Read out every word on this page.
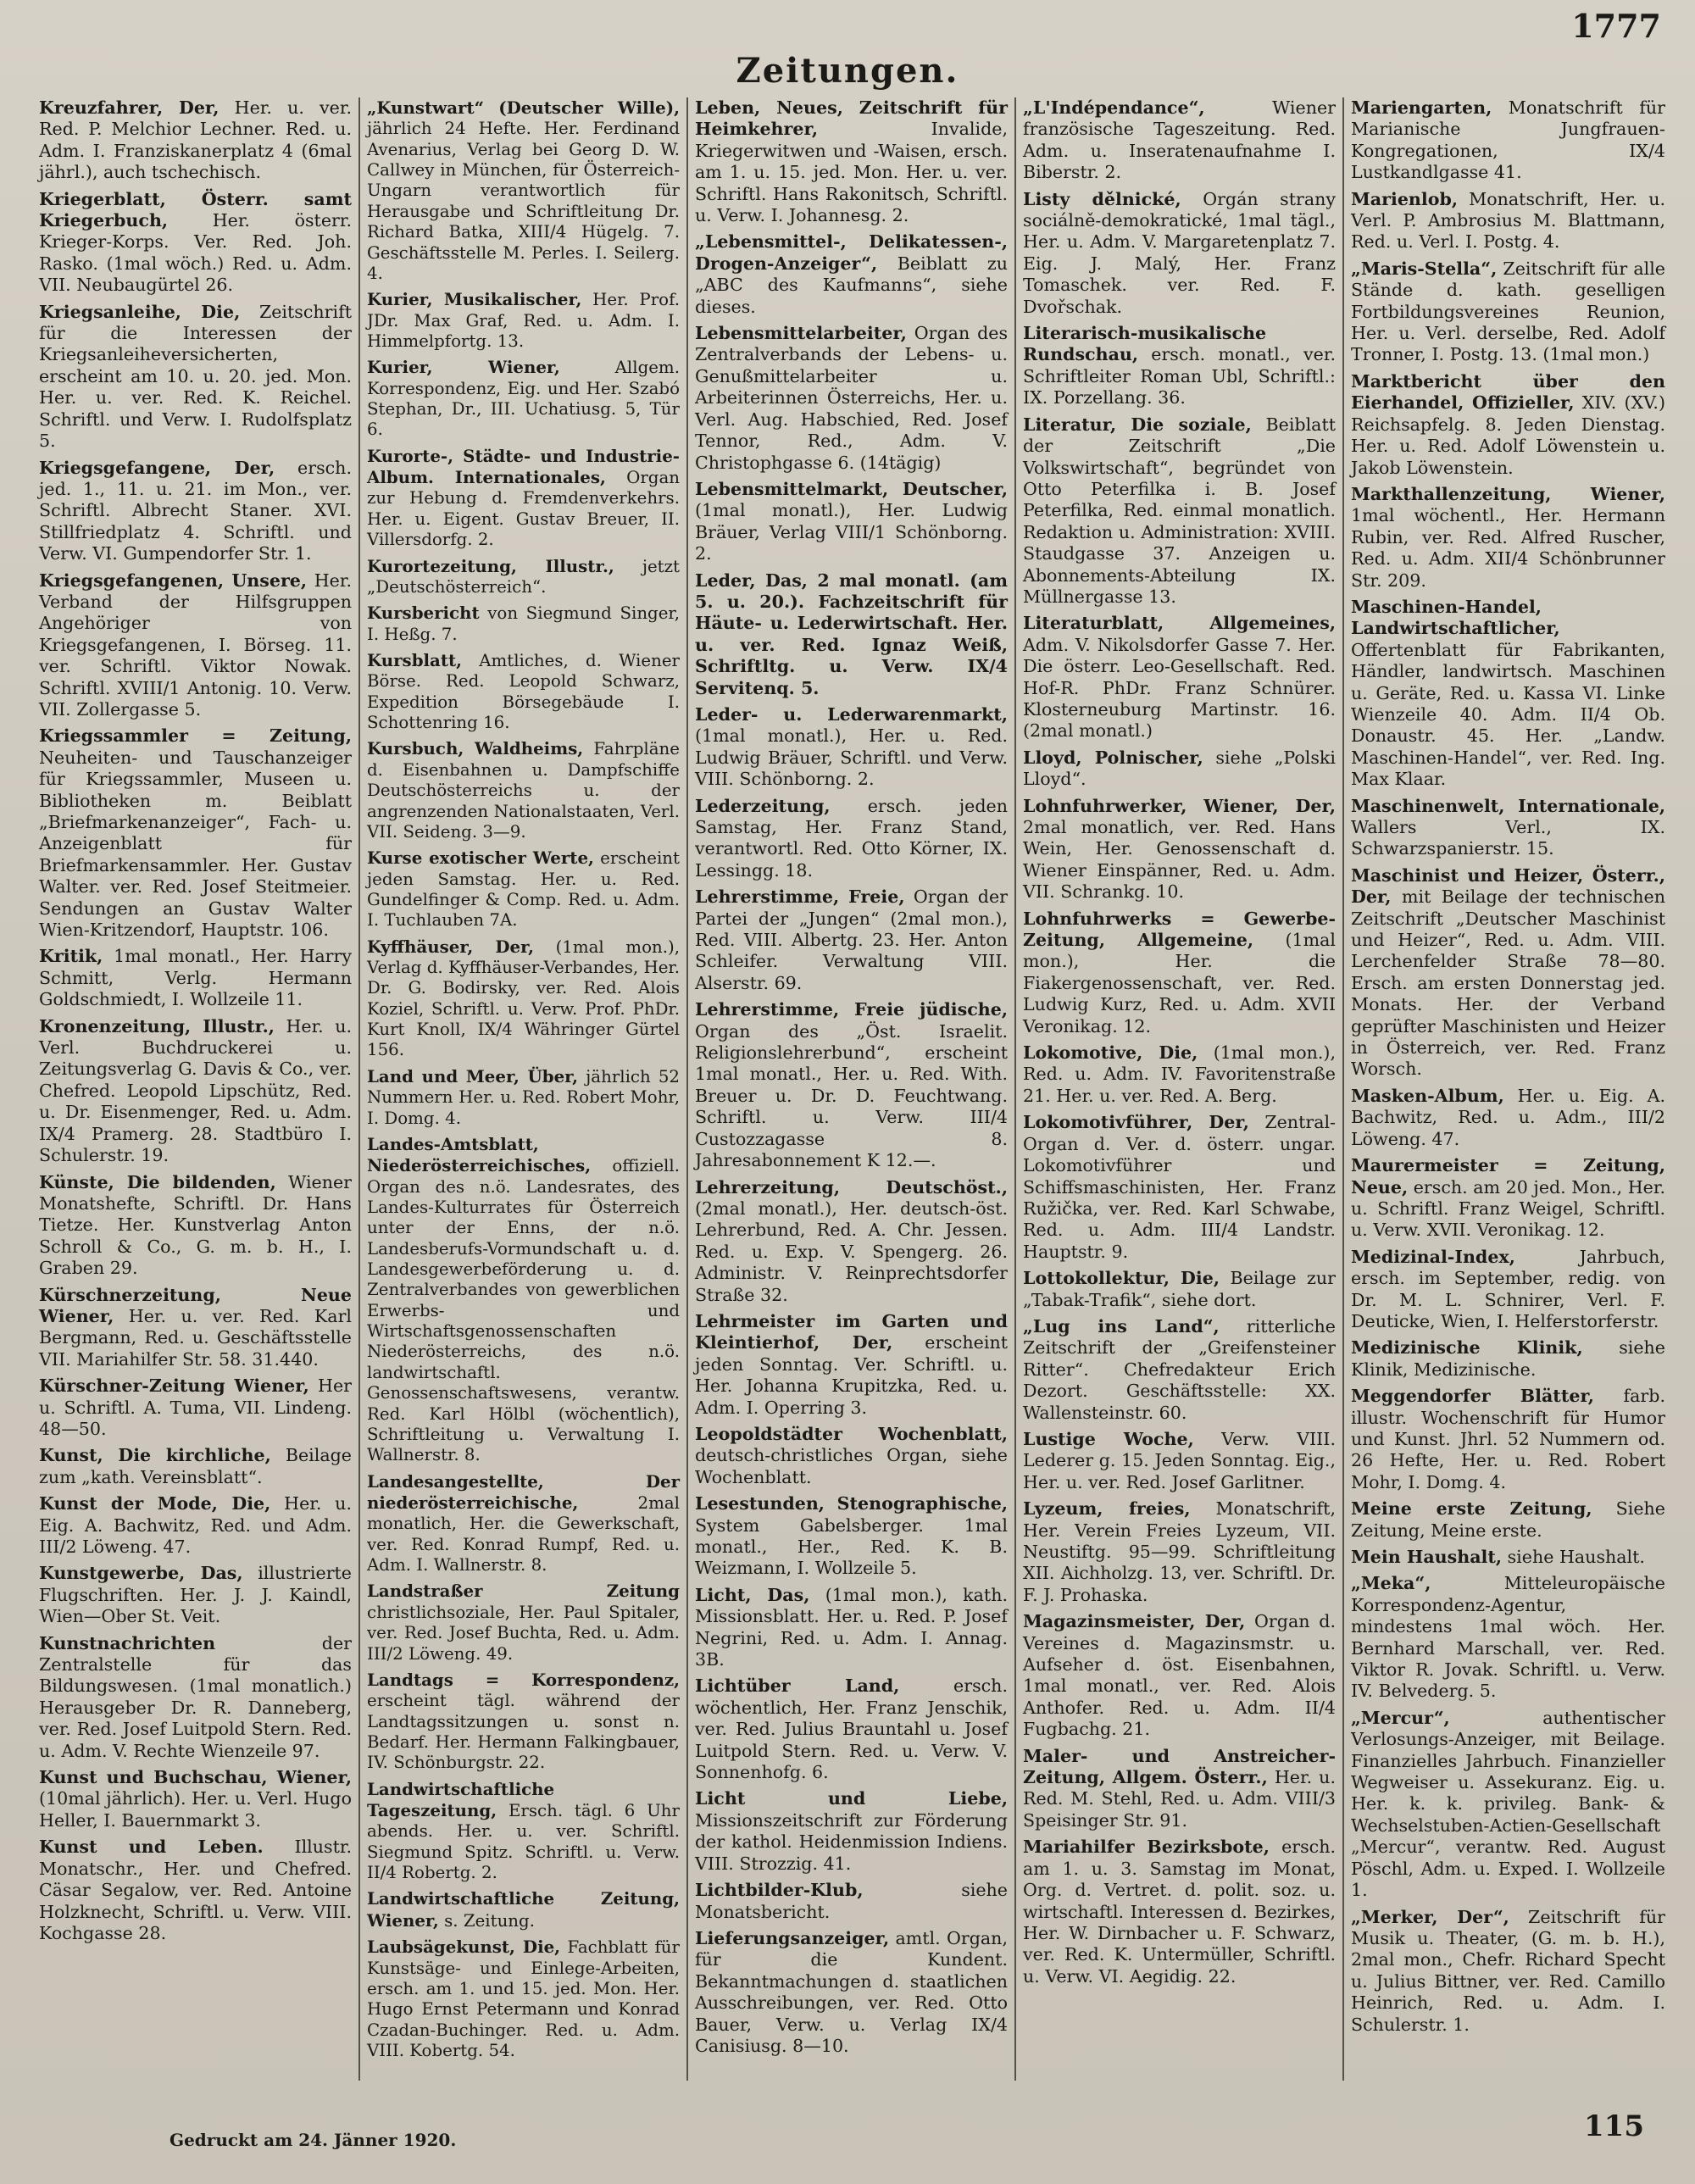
1777
Zeitungen.

Kreuzfahrer, Der, Her. u. ver. Red. P. Melchior Lechner. Red. u. Adm. I. Franziskanerplatz 4 (6mal jährl.), auch tschechisch.

Kriegerblatt, Österr. samt Kriegerbuch,	Her. österr. Krieger-Korps. Ver. Red. Joh. Rasko. (1mal wöch.) Red. u. Adm. VII. Neubaugürtel 26.

Kriegsanleihe, Die, Zeitschrift für die Interessen der Kriegsanleiheversicherten, erscheint am 10. u. 20. jed. Mon. Her. u. ver. Red. K. Reichel. Schriftl. und Verw. I. Rudolfsplatz 5.

Kriegsgefangene, Der, ersch. jed. 1., 11. u. 21. im Mon., ver. Schriftl. Albrecht Staner. XVI. Stillfriedplatz 4. Schriftl. und Verw. VI. Gumpendorfer Str. 1.

Kriegsgefangenen, Unsere, Her. Verband der Hilfsgruppen Angehöriger von Kriegsgefangenen, I. Börseg. 11. ver. Schriftl. Viktor Nowak. Schriftl. XVIII/1 Antonig. 10. Verw. VII. Zollergasse 5.

Kriegssammler = Zeitung, Neuheiten- und Tauschanzeiger für Kriegssammler, Museen u. Bibliotheken m. Beiblatt „Briefmarkenanzeiger“, Fach- u. Anzeigenblatt für Briefmarkensammler. Her. Gustav Walter. ver. Red. Josef Steitmeier. Sendungen an Gustav Walter Wien-Kritzendorf, Hauptstr. 106.

Kritik, 1mal monatl., Her. Harry Schmitt, Verlg. Hermann Goldschmiedt, I. Wollzeile 11.

Kronenzeitung, Illustr., Her. u. Verl. Buchdruckerei u. Zeitungsverlag G. Davis & Co., ver. Chefred. Leopold Lipschütz, Red. u. Dr. Eisenmenger, Red. u. Adm. IX/4 Pramerg. 28. Stadtbüro I. Schulerstr. 19.

Künste, Die bildenden, Wiener Monatshefte, Schriftl. Dr. Hans Tietze. Her. Kunstverlag Anton Schroll & Co., G. m. b. H., I. Graben 29.

Kürschnerzeitung, Neue Wiener, Her. u. ver. Red. Karl Bergmann, Red. u. Geschäftsstelle VII. Mariahilfer Str. 58. 31.440.

Kürschner-Zeitung Wiener, Her u. Schriftl. A. Tuma, VII. Lindeng. 48—50.

Kunst, Die kirchliche, Beilage zum „kath. Vereinsblatt“.

Kunst der Mode, Die, Her. u. Eig. A. Bachwitz, Red. und Adm. III/2 Löweng. 47.

Kunstgewerbe, Das, illustrierte Flugschriften. Her. J. J. Kaindl, Wien—Ober St. Veit.

Kunstnachrichten	der Zentralstelle für das Bildungswesen. (1mal monatlich.) Herausgeber Dr. R. Danneberg, ver. Red. Josef Luitpold Stern. Red. u. Adm. V. Rechte Wienzeile 97.

Kunst und Buchschau, Wiener, (10mal jährlich). Her. u. Verl. Hugo Heller, I. Bauernmarkt 3.

Kunst und Leben. Illustr. Monatschr., Her. und Chefred. Cäsar Segalow, ver. Red. Antoine Holzknecht, Schriftl. u. Verw. VIII. Kochgasse 28.

„Kunstwart“ (Deutscher Wille), jährlich 24 Hefte. Her. Ferdinand Avenarius, Verlag bei Georg D. W. Callwey in München, für Österreich-Ungarn verantwortlich für Herausgabe und Schriftleitung Dr. Richard Batka, XIII/4 Hügelg. 7. Geschäftsstelle M. Perles. I. Seilerg. 4.

Kurier, Musikalischer, Her. Prof. JDr. Max Graf, Red. u. Adm. I. Himmelpfortg. 13.

Kurier, Wiener,	Allgem. Korrespondenz, Eig. und Her. Szabó Stephan, Dr., III. Uchatiusg. 5, Tür 6.

Kurorte-, Städte- und Industrie-Album. Internationales, Organ zur Hebung d. Fremdenverkehrs. Her. u. Eigent. Gustav Breuer, II. Villersdorfg. 2.

Kurortezeitung, Illustr., jetzt „Deutschösterreich“.

Kursbericht von Siegmund Singer, I. Heßg. 7.

Kursblatt, Amtliches, d. Wiener Börse. Red. Leopold Schwarz, Expedition Börsegebäude I. Schottenring 16.

Kursbuch, Waldheims, Fahrpläne d. Eisenbahnen u. Dampfschiffe Deutschösterreichs u. der angrenzenden Nationalstaaten, Verl. VII. Seideng. 3—9.

Kurse exotischer Werte, erscheint jeden Samstag. Her. u. Red. Gundelfinger & Comp. Red. u. Adm. I. Tuchlauben 7A.

Kyffhäuser, Der, (1mal mon.), Verlag d. Kyffhäuser-Verbandes, Her. Dr. G. Bodirsky, ver. Red. Alois Koziel, Schriftl. u. Verw. Prof. PhDr. Kurt Knoll, IX/4 Währinger Gürtel 156.

Land und Meer, Über, jährlich 52 Nummern Her. u. Red. Robert Mohr, I. Domg. 4.

Landes-Amtsblatt, Niederösterreichisches, offiziell. Organ des n.ö. Landesrates, des Landes-Kulturrates für Österreich unter der Enns, der n.ö. Landesberufs-Vormundschaft u. d. Landesgewerbeförderung u. d. Zentralverbandes von gewerblichen Erwerbs- und Wirtschaftsgenossenschaften Niederösterreichs, des n.ö. landwirtschaftl. Genossenschaftswesens, verantw. Red. Karl Hölbl (wöchentlich), Schriftleitung u. Verwaltung I. Wallnerstr. 8.

Landesangestellte, Der niederösterreichische,	2mal monatlich, Her. die Gewerkschaft, ver. Red. Konrad Rumpf, Red. u. Adm. I. Wallnerstr. 8.

Landstraßer Zeitung christlichsoziale, Her. Paul Spitaler, ver. Red. Josef Buchta, Red. u. Adm. III/2 Löweng. 49.

Landtags = Korrespondenz, erscheint tägl. während der Landtagssitzungen u. sonst n. Bedarf. Her. Hermann Falkingbauer, IV. Schönburgstr. 22.

Landwirtschaftliche Tageszeitung, Ersch. tägl. 6 Uhr abends. Her. u. ver. Schriftl. Siegmund Spitz. Schriftl. u. Verw. II/4 Robertg. 2.

Landwirtschaftliche Zeitung, Wiener, s. Zeitung.

Laubsägekunst, Die, Fachblatt für Kunstsäge- und Einlege-Arbeiten, ersch. am 1. und 15. jed. Mon. Her. Hugo Ernst Petermann und Konrad Czadan-Buchinger. Red. u. Adm. VIII. Kobertg. 54.

Leben, Neues, Zeitschrift für Heimkehrer,	Invalide, Kriegerwitwen und -Waisen, ersch. am 1. u. 15. jed. Mon. Her. u. ver. Schriftl. Hans Rakonitsch, Schriftl. u. Verw. I. Johannesg. 2.

„Lebensmittel-, Delikatessen-, Drogen-Anzeiger“, Beiblatt zu „ABC des Kaufmanns“, siehe dieses.

Lebensmittelarbeiter, Organ des Zentralverbands der Lebens- u. Genußmittelarbeiter u. Arbeiterinnen Österreichs, Her. u. Verl. Aug. Habschied, Red. Josef Tennor, Red., Adm. V. Christophgasse 6. (14tägig)

Lebensmittelmarkt, Deutscher, (1mal monatl.), Her. Ludwig Bräuer, Verlag VIII/1 Schönborng. 2.

Leder, Das, 2 mal monatl. (am 5. u. 20.). Fachzeitschrift für Häute- u. Lederwirtschaft. Her. u. ver. Red. Ignaz Weiß, Schriftltg. u. Verw. IX/4 Servitenq. 5.

Leder- u. Lederwarenmarkt, (1mal monatl.), Her. u. Red. Ludwig Bräuer, Schriftl. und Verw. VIII. Schönborng. 2.

Lederzeitung, ersch. jeden Samstag, Her. Franz Stand, verantwortl. Red. Otto Körner, IX. Lessingg. 18.

Lehrerstimme, Freie, Organ der Partei der „Jungen“ (2mal mon.), Red. VIII. Albertg. 23. Her. Anton Schleifer. Verwaltung VIII. Alserstr. 69.

Lehrerstimme, Freie jüdische, Organ des „Öst. Israelit. Religionslehrerbund“, erscheint 1mal monatl., Her. u. Red. With. Breuer u. Dr. D. Feuchtwang. Schriftl. u. Verw. III/4 Custozzagasse 8. Jahresabonnement K 12.—.

Lehrerzeitung, Deutschöst., (2mal monatl.), Her. deutsch-öst. Lehrerbund, Red. A. Chr. Jessen. Red. u. Exp. V. Spengerg. 26. Administr. V. Reinprechtsdorfer Straße 32.

Lehrmeister im Garten und Kleintierhof, Der, erscheint jeden Sonntag. Ver. Schriftl. u. Her. Johanna Krupitzka, Red. u. Adm. I. Operring 3.

Leopoldstädter Wochenblatt, deutsch-christliches Organ, siehe Wochenblatt.

Lesestunden, Stenographische, System Gabelsberger. 1mal monatl., Her., Red. K. B. Weizmann, I. Wollzeile 5.

Licht, Das, (1mal mon.), kath. Missionsblatt. Her. u. Red. P. Josef Negrini, Red. u. Adm. I. Annag. 3B.

Lichtüber Land,	ersch. wöchentlich, Her. Franz Jenschik, ver. Red. Julius Brauntahl u. Josef Luitpold Stern. Red. u. Verw. V. Sonnenhofg. 6.

Licht und Liebe, Missionszeitschrift zur Förderung der kathol. Heidenmission Indiens. VIII. Strozzig. 41.

Lichtbilder-Klub,	siehe Monatsbericht.

Lieferungsanzeiger, amtl. Organ, für die Kundent. Bekanntmachungen d. staatlichen Ausschreibungen, ver. Red. Otto Bauer, Verw. u. Verlag IX/4 Canisiusg. 8—10.

„L'Indépendance“,	Wiener französische Tageszeitung. Red. Adm. u. Inseratenaufnahme I. Biberstr. 2.

Listy dělnické, Orgán strany sociálně-demokratické, 1mal tägl., Her. u. Adm. V. Margaretenplatz 7. Eig. J. Malý, Her. Franz Tomaschek. ver. Red. F. Dvořschak.

Literarisch-musikalische Rundschau, ersch. monatl., ver. Schriftleiter Roman Ubl, Schriftl.: IX. Porzellang. 36.

Literatur, Die soziale, Beiblatt der Zeitschrift „Die Volkswirtschaft“, begründet von Otto Peterfilka i. B. Josef Peterfilka, Red. einmal monatlich. Redaktion u. Administration: XVIII. Staudgasse 37. Anzeigen u. Abonnements-Abteilung IX. Müllnergasse 13.

Literaturblatt, Allgemeines, Adm. V. Nikolsdorfer Gasse 7. Her. Die österr. Leo-Gesellschaft. Red. Hof-R. PhDr. Franz Schnürer. Klosterneuburg Martinstr. 16. (2mal monatl.)

Lloyd, Polnischer, siehe „Polski Lloyd“.

Lohnfuhrwerker, Wiener, Der, 2mal monatlich, ver. Red. Hans Wein, Her. Genossenschaft d. Wiener Einspänner, Red. u. Adm. VII. Schrankg. 10.

Lohnfuhrwerks = Gewerbe-Zeitung, Allgemeine, (1mal mon.), Her. die Fiakergenossenschaft, ver. Red. Ludwig Kurz, Red. u. Adm. XVII Veronikag. 12.

Lokomotive, Die, (1mal mon.), Red. u. Adm. IV. Favoritenstraße 21. Her. u. ver. Red. A. Berg.

Lokomotivführer, Der, Zentral-Organ d. Ver. d. österr. ungar. Lokomotivführer und Schiffsmaschinisten, Her. Franz Ružička, ver. Red. Karl Schwabe, Red. u. Adm. III/4 Landstr. Hauptstr. 9.

Lottokollektur, Die, Beilage zur „Tabak-Trafik“, siehe dort.

„Lug ins Land“, ritterliche Zeitschrift der „Greifensteiner Ritter“. Chefredakteur Erich Dezort. Geschäftsstelle: XX. Wallensteinstr. 60.

Lustige Woche, Verw. VIII. Lederer g. 15. Jeden Sonntag. Eig., Her. u. ver. Red. Josef Garlitner.

Lyzeum, freies, Monatschrift, Her. Verein Freies Lyzeum, VII. Neustiftg. 95—99. Schriftleitung XII. Aichholzg. 13, ver. Schriftl. Dr. F. J. Prohaska.

Magazinsmeister, Der, Organ d. Vereines d. Magazinsmstr. u. Aufseher d. öst. Eisenbahnen, 1mal monatl., ver. Red. Alois Anthofer. Red. u. Adm. II/4 Fugbachg. 21.

Maler- und Anstreicher-Zeitung, Allgem. Österr., Her. u. Red. M. Stehl, Red. u. Adm. VIII/3 Speisinger Str. 91.

Mariahilfer Bezirksbote, ersch. am 1. u. 3. Samstag im Monat, Org. d. Vertret. d. polit. soz. u. wirtschaftl. Interessen d. Bezirkes, Her. W. Dirnbacher u. F. Schwarz, ver. Red. K. Untermüller, Schriftl. u. Verw. VI. Aegidig. 22.

Mariengarten, Monatschrift für Marianische Jungfrauen-Kongregationen, IX/4 Lustkandlgasse 41.

Marienlob, Monatschrift, Her. u. Verl. P. Ambrosius M. Blattmann, Red. u. Verl. I. Postg. 4.

„Maris-Stella“, Zeitschrift für alle Stände d. kath. geselligen Fortbildungsvereines Reunion, Her. u. Verl. derselbe, Red. Adolf Tronner, I. Postg. 13. (1mal mon.)

Marktbericht über den Eierhandel, Offizieller, XIV. (XV.) Reichsapfelg. 8. Jeden Dienstag. Her. u. Red. Adolf Löwenstein u. Jakob Löwenstein.

Markthallenzeitung, Wiener, 1mal wöchentl., Her. Hermann Rubin, ver. Red. Alfred Ruscher, Red. u. Adm. XII/4 Schönbrunner Str. 209.

Maschinen-Handel, Landwirtschaftlicher, Offertenblatt für Fabrikanten, Händler, landwirtsch. Maschinen u. Geräte, Red. u. Kassa VI. Linke Wienzeile 40. Adm. II/4 Ob. Donaustr. 45. Her. „Landw. Maschinen-Handel“, ver. Red. Ing. Max Klaar.

Maschinenwelt, Internationale, Wallers Verl., IX. Schwarzspanierstr. 15.

Maschinist und Heizer, Österr., Der, mit Beilage der technischen Zeitschrift „Deutscher Maschinist und Heizer“, Red. u. Adm. VIII. Lerchenfelder Straße 78—80. Ersch. am ersten Donnerstag jed. Monats. Her. der Verband geprüfter Maschinisten und Heizer in Österreich, ver. Red. Franz Worsch.

Masken-Album, Her. u. Eig. A. Bachwitz, Red. u. Adm., III/2 Löweng. 47.

Maurermeister = Zeitung, Neue, ersch. am 20 jed. Mon., Her. u. Schriftl. Franz Weigel, Schriftl. u. Verw. XVII. Veronikag. 12.

Medizinal-Index,	Jahrbuch, ersch. im September, redig. von Dr. M. L. Schnirer, Verl. F. Deuticke, Wien, I. Helferstorferstr.

Medizinische Klinik, siehe Klinik, Medizinische.

Meggendorfer Blätter, farb. illustr. Wochenschrift für Humor und Kunst. Jhrl. 52 Nummern od. 26 Hefte, Her. u. Red. Robert Mohr, I. Domg. 4.

Meine erste Zeitung, Siehe Zeitung, Meine erste.

Mein Haushalt, siehe Haushalt.

„Meka“,	Mitteleuropäische Korrespondenz-Agentur, mindestens 1mal wöch. Her. Bernhard Marschall, ver. Red. Viktor R. Jovak. Schriftl. u. Verw. IV. Belvederg. 5.

„Mercur“,	authentischer Verlosungs-Anzeiger, mit Beilage. Finanzielles Jahrbuch. Finanzieller Wegweiser u. Assekuranz. Eig. u. Her. k. k. privileg. Bank- & Wechselstuben-Actien-Gesellschaft „Mercur“, verantw. Red. August Pöschl, Adm. u. Exped. I. Wollzeile 1.

„Merker, Der“, Zeitschrift für Musik u. Theater, (G. m. b. H.), 2mal mon., Chefr. Richard Specht u. Julius Bittner, ver. Red. Camillo Heinrich, Red. u. Adm. I. Schulerstr. 1.

Gedruckt am 24. Jänner 1920.	115
